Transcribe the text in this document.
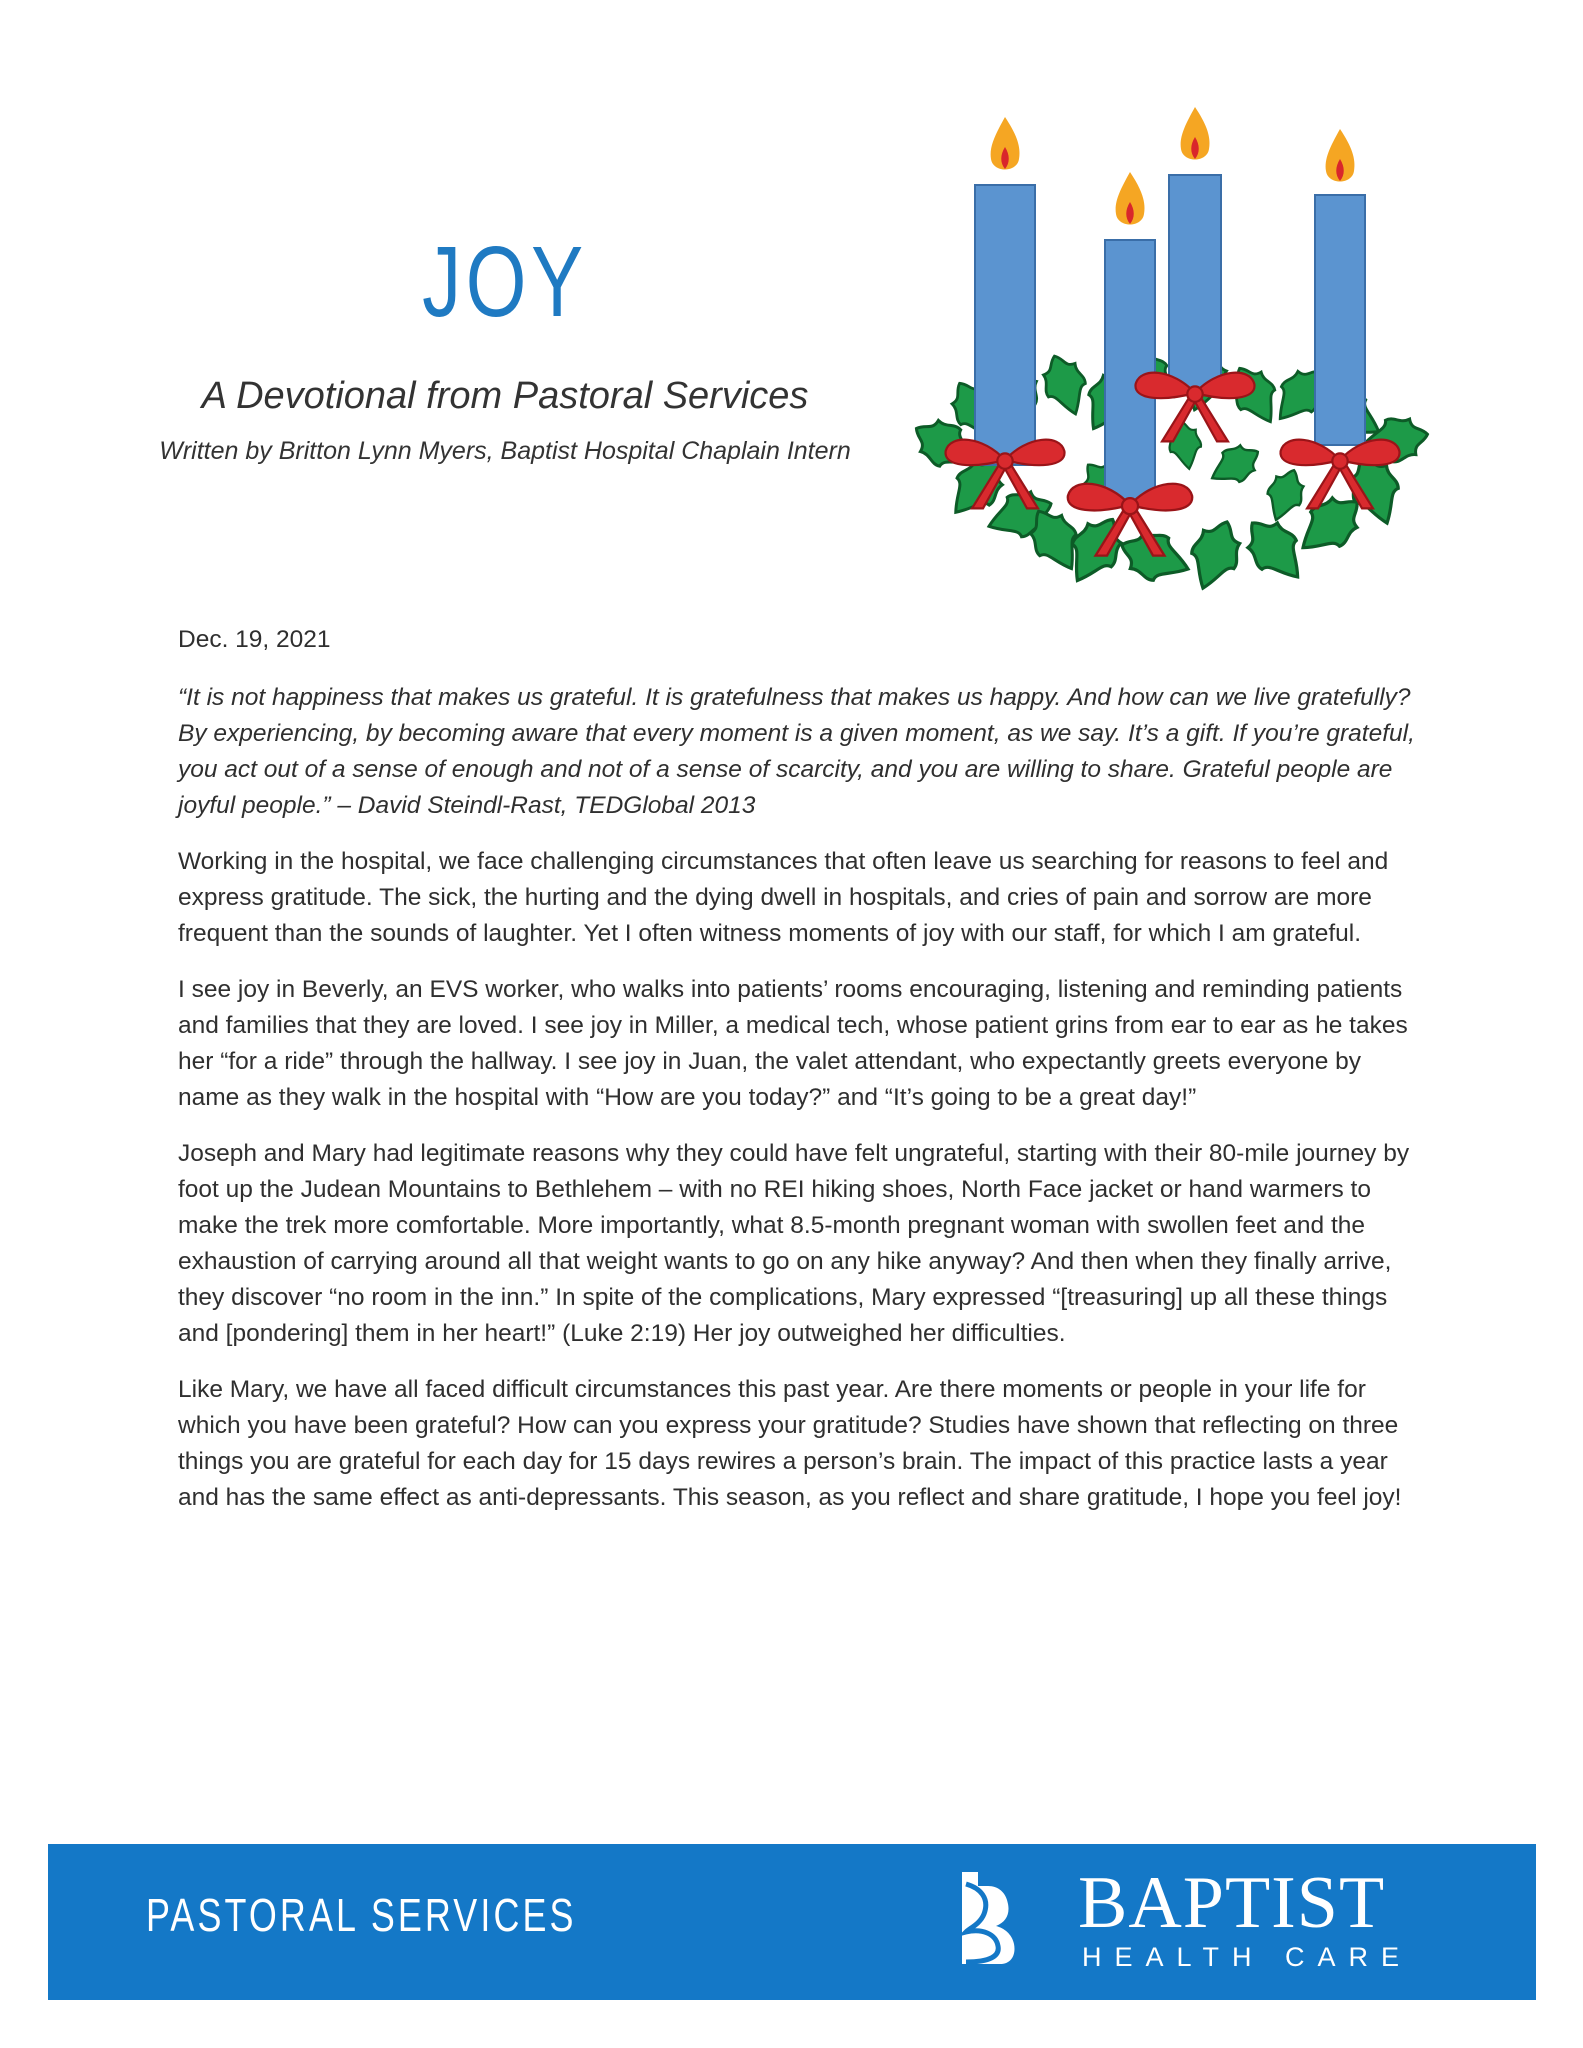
JOY
A Devotional from Pastoral Services
Written by Britton Lynn Myers, Baptist Hospital Chaplain Intern

Dec. 19, 2021

“It is not happiness that makes us grateful. It is gratefulness that makes us happy. And how can we live gratefully? By experiencing, by becoming aware that every moment is a given moment, as we say. It’s a gift. If you’re grateful, you act out of a sense of enough and not of a sense of scarcity, and you are willing to share. Grateful people are joyful people.” – David Steindl-Rast, TEDGlobal 2013

Working in the hospital, we face challenging circumstances that often leave us searching for reasons to feel and express gratitude. The sick, the hurting and the dying dwell in hospitals, and cries of pain and sorrow are more frequent than the sounds of laughter. Yet I often witness moments of joy with our staff, for which I am grateful.

I see joy in Beverly, an EVS worker, who walks into patients’ rooms encouraging, listening and reminding patients and families that they are loved. I see joy in Miller, a medical tech, whose patient grins from ear to ear as he takes her “for a ride” through the hallway. I see joy in Juan, the valet attendant, who expectantly greets everyone by name as they walk in the hospital with “How are you today?” and “It’s going to be a great day!”

Joseph and Mary had legitimate reasons why they could have felt ungrateful, starting with their 80-mile journey by foot up the Judean Mountains to Bethlehem – with no REI hiking shoes, North Face jacket or hand warmers to make the trek more comfortable. More importantly, what 8.5-month pregnant woman with swollen feet and the exhaustion of carrying around all that weight wants to go on any hike anyway? And then when they finally arrive, they discover “no room in the inn.” In spite of the complications, Mary expressed “[treasuring] up all these things and [pondering] them in her heart!” (Luke 2:19) Her joy outweighed her difficulties.

Like Mary, we have all faced difficult circumstances this past year. Are there moments or people in your life for which you have been grateful? How can you express your gratitude? Studies have shown that reflecting on three things you are grateful for each day for 15 days rewires a person’s brain. The impact of this practice lasts a year and has the same effect as anti-depressants. This season, as you reflect and share gratitude, I hope you feel joy!

PASTORAL SERVICES	BAPTIST
HEALTH CARE
